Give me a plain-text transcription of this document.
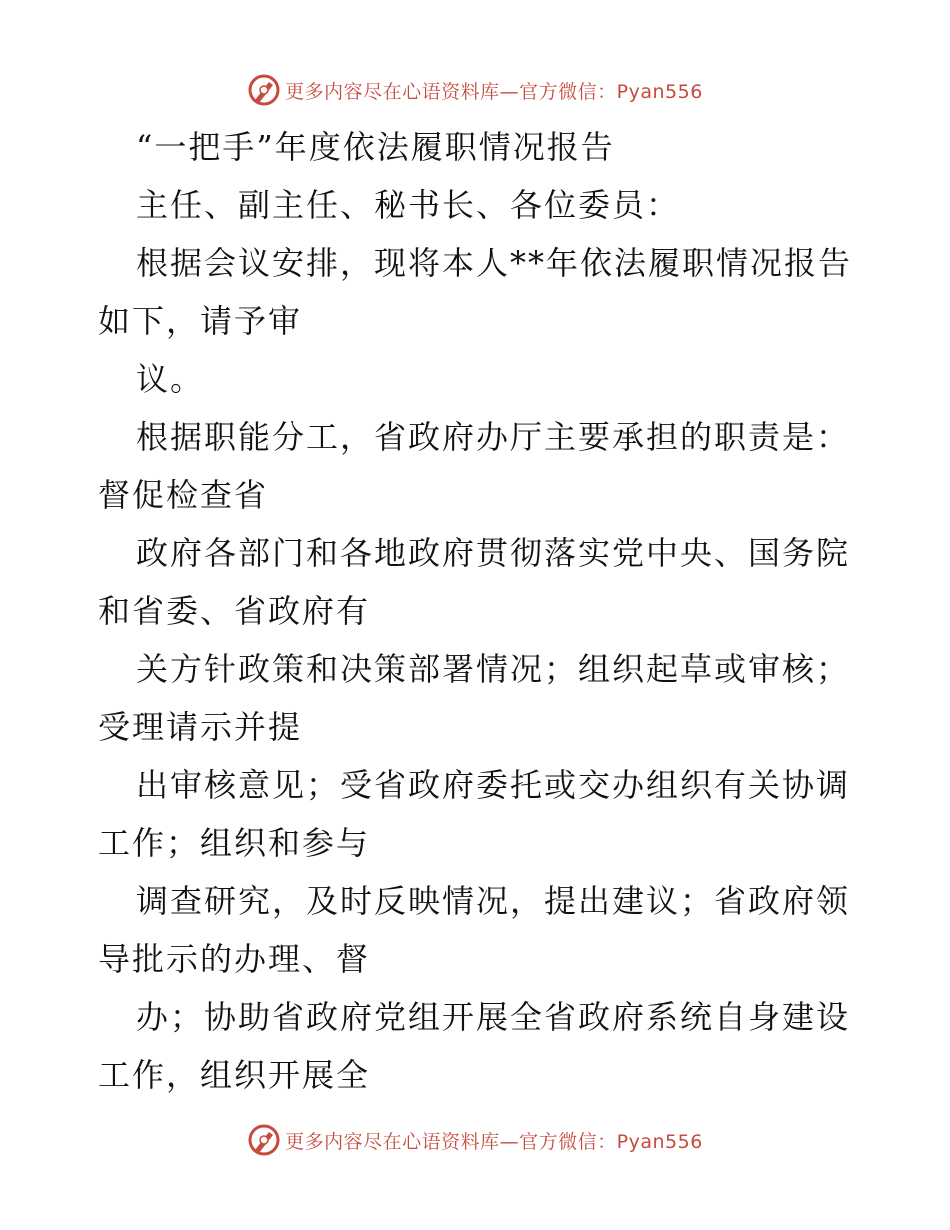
更多内容尽在心语资料库—官方微信：Pyan556
“一把手”年度依法履职情况报告
主任、副主任、秘书长、各位委员：
根据会议安排，现将本人**年依法履职情况报告
如下，请予审
议。
根据职能分工，省政府办厅主要承担的职责是：
督促检查省
政府各部门和各地政府贯彻落实党中央、国务院
和省委、省政府有
关方针政策和决策部署情况；组织起草或审核；
受理请示并提
出审核意见；受省政府委托或交办组织有关协调
工作；组织和参与
调查研究，及时反映情况，提出建议；省政府领
导批示的办理、督
办；协助省政府党组开展全省政府系统自身建设
工作，组织开展全
更多内容尽在心语资料库—官方微信：Pyan556
